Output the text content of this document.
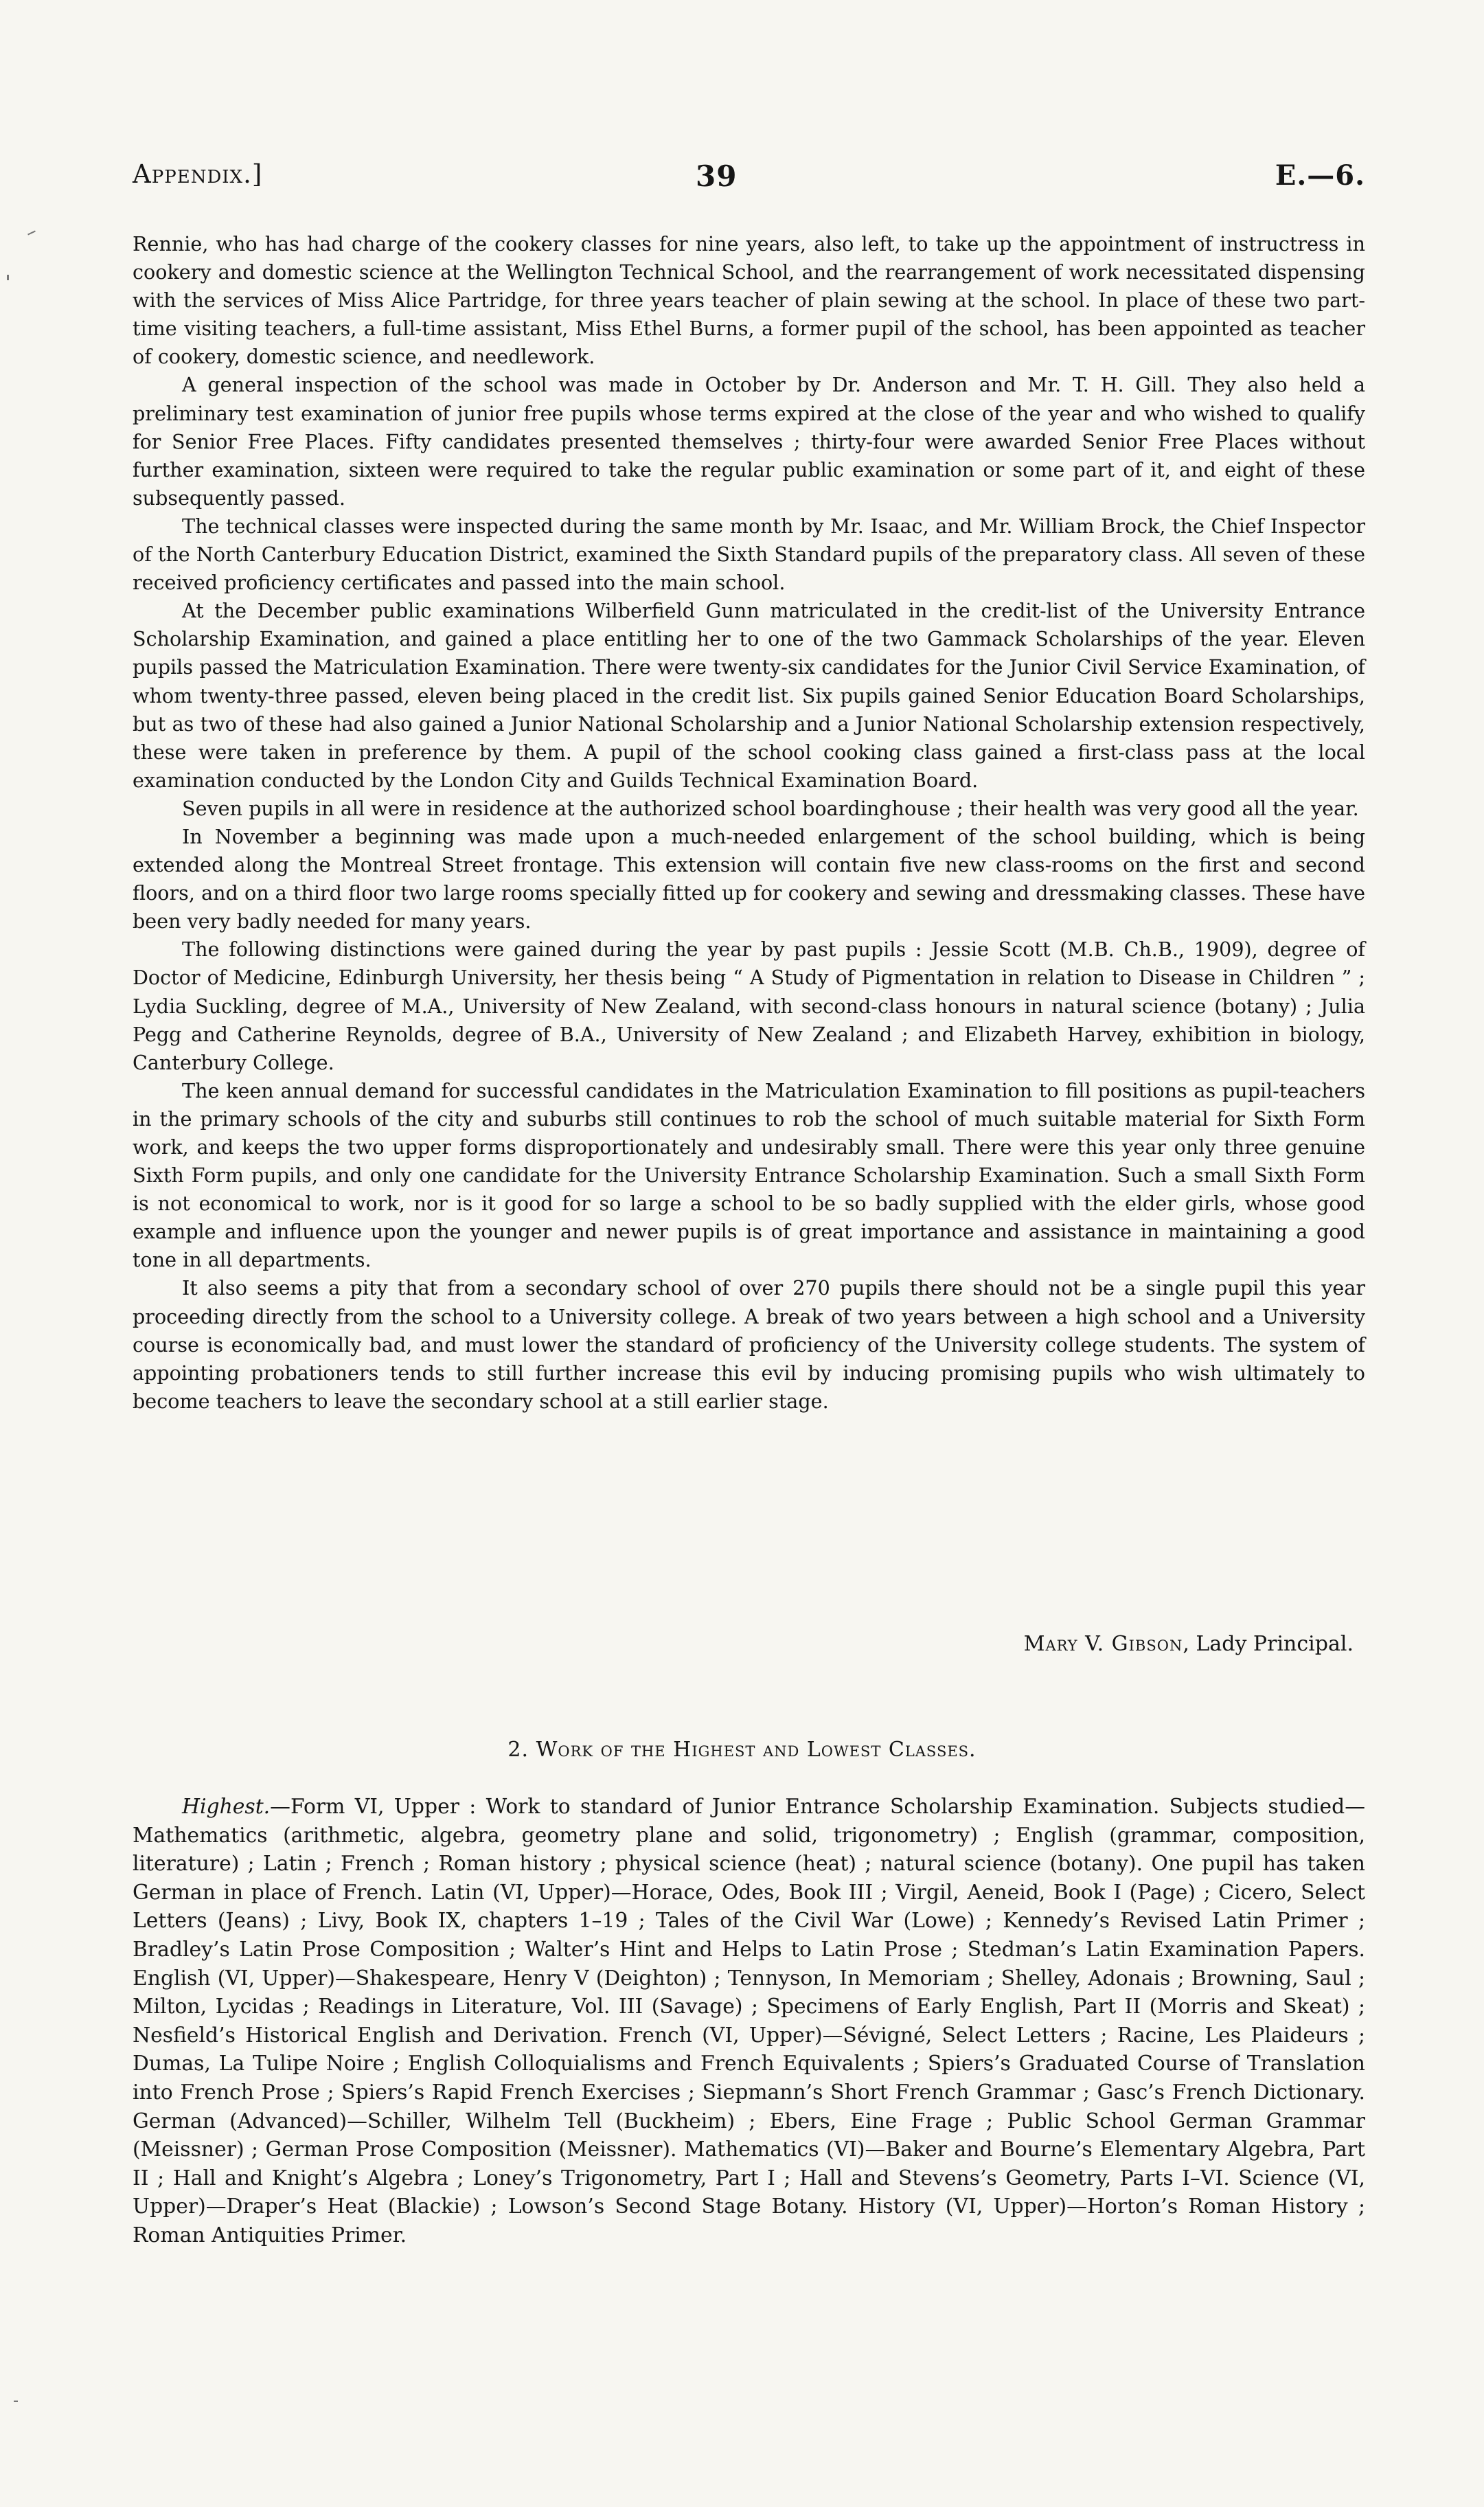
Appendix.]	39	E.—6.

Rennie, who has had charge of the cookery classes for nine years, also left, to take up the appointment of instructress in cookery and domestic science at the Wellington Technical School, and the rearrangement of work necessitated dispensing with the services of Miss Alice Partridge, for three years teacher of plain sewing at the school. In place of these two part-time visiting teachers, a full-time assistant, Miss Ethel Burns, a former pupil of the school, has been appointed as teacher of cookery, domestic science, and needlework.

A general inspection of the school was made in October by Dr. Anderson and Mr. T. H. Gill. They also held a preliminary test examination of junior free pupils whose terms expired at the close of the year and who wished to qualify for Senior Free Places. Fifty candidates presented themselves ; thirty-four were awarded Senior Free Places without further examination, sixteen were required to take the regular public examination or some part of it, and eight of these subsequently passed.

The technical classes were inspected during the same month by Mr. Isaac, and Mr. William Brock, the Chief Inspector of the North Canterbury Education District, examined the Sixth Standard pupils of the preparatory class. All seven of these received proficiency certificates and passed into the main school.

At the December public examinations Wilberfield Gunn matriculated in the credit-list of the University Entrance Scholarship Examination, and gained a place entitling her to one of the two Gammack Scholarships of the year. Eleven pupils passed the Matriculation Examination. There were twenty-six candidates for the Junior Civil Service Examination, of whom twenty-three passed, eleven being placed in the credit list. Six pupils gained Senior Education Board Scholarships, but as two of these had also gained a Junior National Scholarship and a Junior National Scholarship extension respectively, these were taken in preference by them. A pupil of the school cooking class gained a first-class pass at the local examination conducted by the London City and Guilds Technical Examination Board.

Seven pupils in all were in residence at the authorized school boardinghouse ; their health was very good all the year.

In November a beginning was made upon a much-needed enlargement of the school building, which is being extended along the Montreal Street frontage. This extension will contain five new class-rooms on the first and second floors, and on a third floor two large rooms specially fitted up for cookery and sewing and dressmaking classes. These have been very badly needed for many years.

The following distinctions were gained during the year by past pupils : Jessie Scott (M.B. Ch.B., 1909), degree of Doctor of Medicine, Edinburgh University, her thesis being “ A Study of Pigmentation in relation to Disease in Children ” ; Lydia Suckling, degree of M.A., University of New Zealand, with second-class honours in natural science (botany) ; Julia Pegg and Catherine Reynolds, degree of B.A., University of New Zealand ; and Elizabeth Harvey, exhibition in biology, Canterbury College.

The keen annual demand for successful candidates in the Matriculation Examination to fill positions as pupil-teachers in the primary schools of the city and suburbs still continues to rob the school of much suitable material for Sixth Form work, and keeps the two upper forms disproportionately and undesirably small. There were this year only three genuine Sixth Form pupils, and only one candidate for the University Entrance Scholarship Examination. Such a small Sixth Form is not economical to work, nor is it good for so large a school to be so badly supplied with the elder girls, whose good example and influence upon the younger and newer pupils is of great importance and assistance in maintaining a good tone in all departments.

It also seems a pity that from a secondary school of over 270 pupils there should not be a single pupil this year proceeding directly from the school to a University college. A break of two years between a high school and a University course is economically bad, and must lower the standard of proficiency of the University college students. The system of appointing probationers tends to still further increase this evil by inducing promising pupils who wish ultimately to become teachers to leave the secondary school at a still earlier stage.

Mary V. Gibson, Lady Principal.
2. Work of the Highest and Lowest Classes.

Highest.—Form VI, Upper : Work to standard of Junior Entrance Scholarship Examination. Subjects studied—Mathematics (arithmetic, algebra, geometry plane and solid, trigonometry) ; English (grammar, composition, literature) ; Latin ; French ; Roman history ; physical science (heat) ; natural science (botany). One pupil has taken German in place of French. Latin (VI, Upper)—Horace, Odes, Book III ; Virgil, Aeneid, Book I (Page) ; Cicero, Select Letters (Jeans) ; Livy, Book IX, chapters 1–19 ; Tales of the Civil War (Lowe) ; Kennedy’s Revised Latin Primer ; Bradley’s Latin Prose Composition ; Walter’s Hint and Helps to Latin Prose ; Stedman’s Latin Examination Papers. English (VI, Upper)—Shakespeare, Henry V (Deighton) ; Tennyson, In Memoriam ; Shelley, Adonais ; Browning, Saul ; Milton, Lycidas ; Readings in Literature, Vol. III (Savage) ; Specimens of Early English, Part II (Morris and Skeat) ; Nesfield’s Historical English and Derivation. French (VI, Upper)—Sévigné, Select Letters ; Racine, Les Plaideurs ; Dumas, La Tulipe Noire ; English Colloquialisms and French Equivalents ; Spiers’s Graduated Course of Translation into French Prose ; Spiers’s Rapid French Exercises ; Siepmann’s Short French Grammar ; Gasc’s French Dictionary. German (Advanced)—Schiller, Wilhelm Tell (Buckheim) ; Ebers, Eine Frage ; Public School German Grammar (Meissner) ; German Prose Composition (Meissner). Mathematics (VI)—Baker and Bourne’s Elementary Algebra, Part II ; Hall and Knight’s Algebra ; Loney’s Trigonometry, Part I ; Hall and Stevens’s Geometry, Parts I–VI. Science (VI, Upper)—Draper’s Heat (Blackie) ; Lowson’s Second Stage Botany. History (VI, Upper)—Horton’s Roman History ; Roman Antiquities Primer.
